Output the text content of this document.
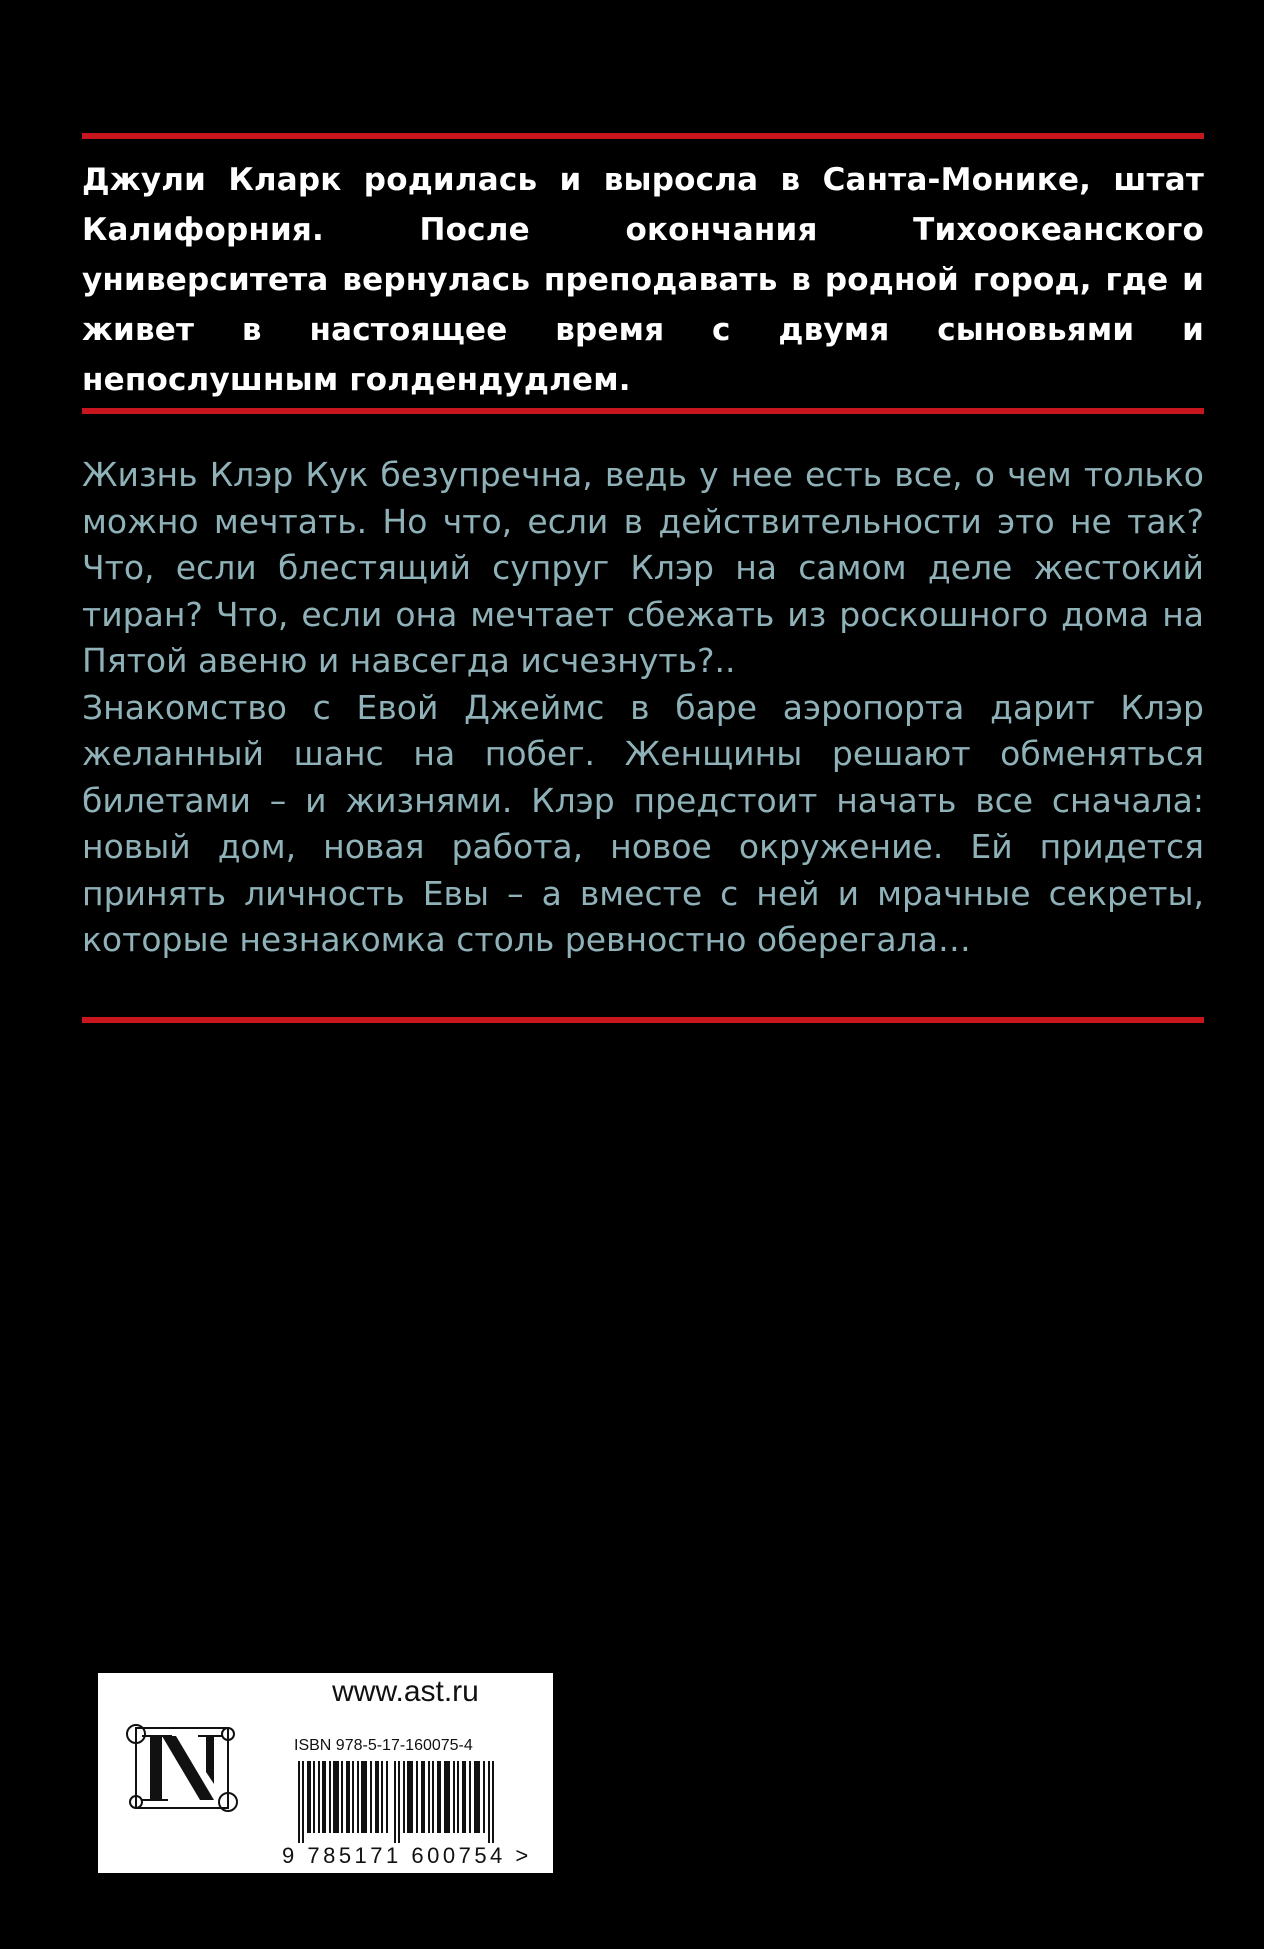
Джули Кларк родилась и выросла в Санта-Монике, штат Калифорния. После окончания Тихоокеанского университета вернулась преподавать в родной город, где и живет в настоящее время с двумя сыновьями и непослушным голдендудлем.

Жизнь Клэр Кук безупречна, ведь у нее есть все, о чем только можно мечтать. Но что, если в действительности это не так? Что, если блестящий супруг Клэр на самом деле жестокий тиран? Что, если она мечтает сбежать из роскошного дома на Пятой авеню и навсегда исчезнуть?..

Знакомство с Евой Джеймс в баре аэропорта дарит Клэр желанный шанс на побег. Женщины решают обменяться билетами – и жизнями. Клэр предстоит начать все сначала: новый дом, новая работа, новое окружение. Ей придется принять личность Евы – а вместе с ней и мрачные секреты, которые незнакомка столь ревностно оберегала…

www.ast.ru
ISBN 978-5-17-160075-4
9 785171 600754 >
